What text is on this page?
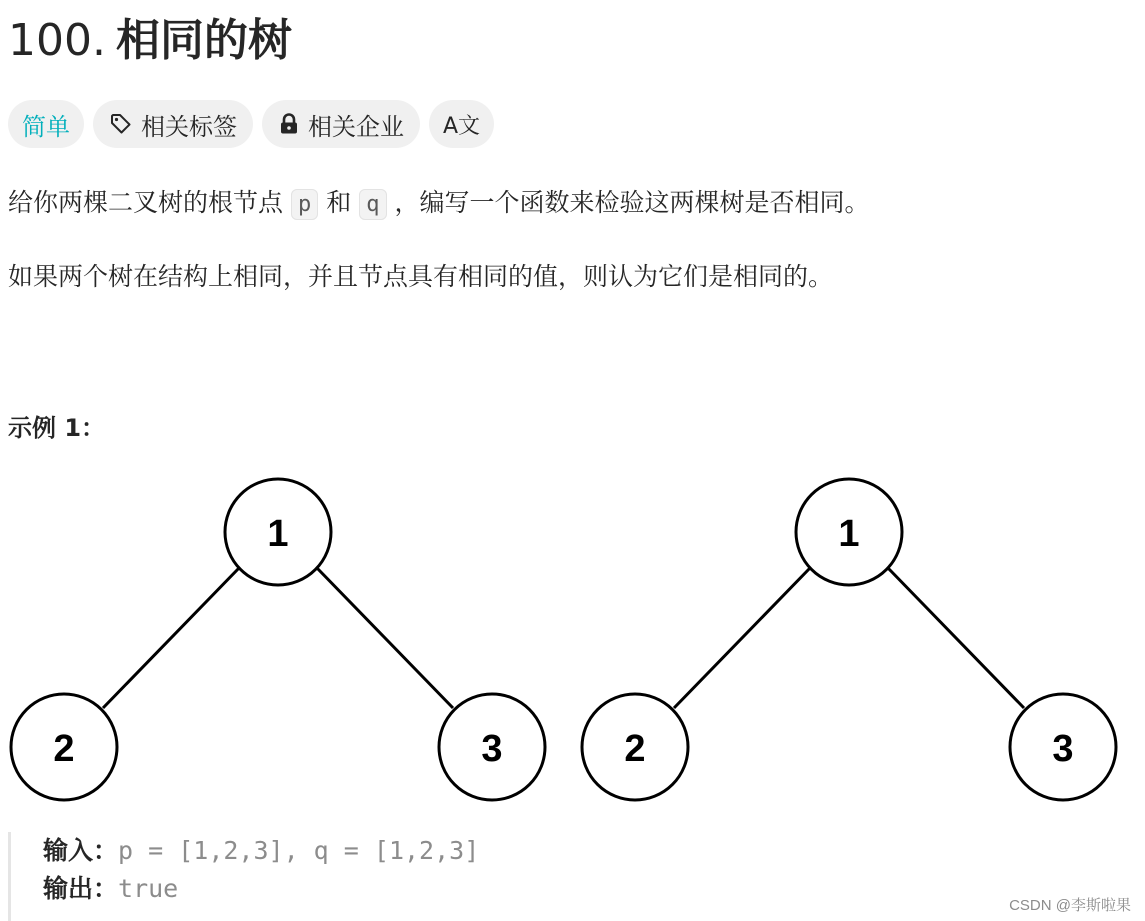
100. 相同的树
简单	相关标签	相关企业 A文

给你两棵二叉树的根节点 p 和 q ，编写一个函数来检验这两棵树是否相同。

如果两个树在结构上相同，并且节点具有相同的值，则认为它们是相同的。

示例 1：

1
2	3
1
2	3
输入：p = [1,2,3], q = [1,2,3]
输出：true
CSDN @李斯啦果
